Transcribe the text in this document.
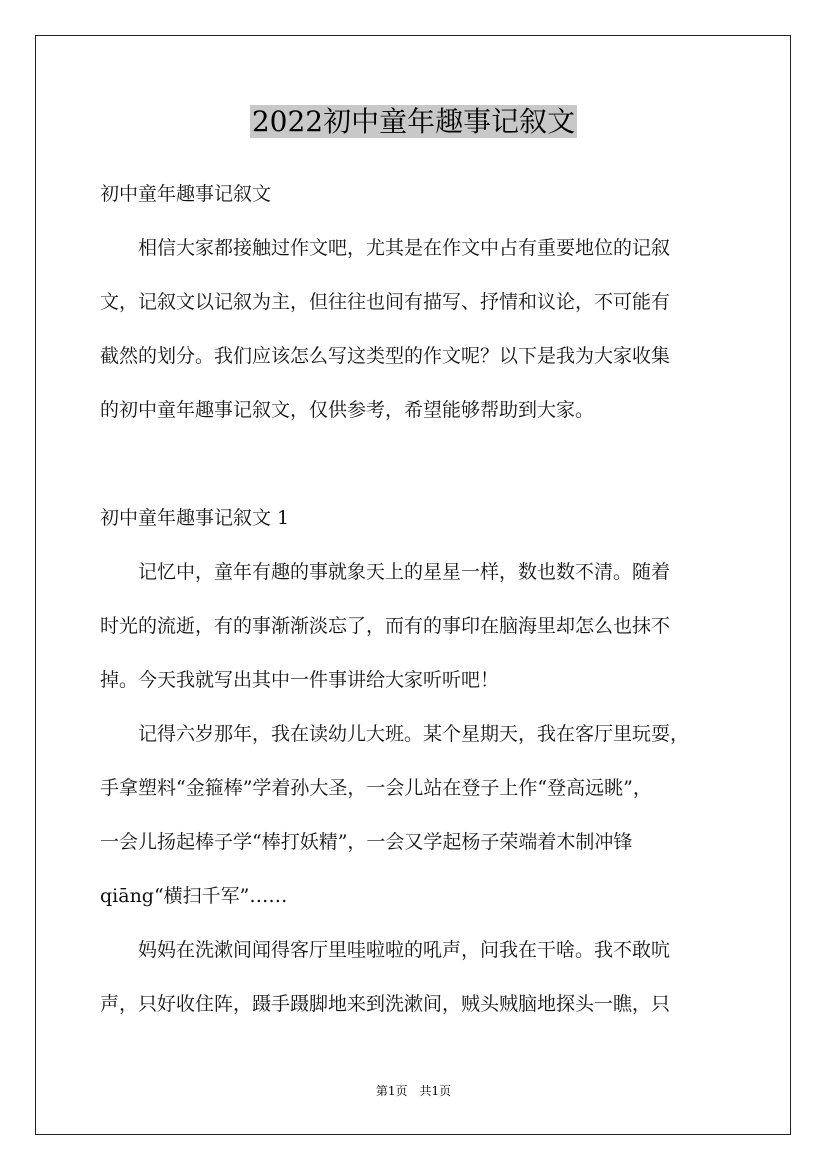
2022初中童年趣事记叙文
初中童年趣事记叙文
　　相信大家都接触过作文吧，尤其是在作文中占有重要地位的记叙
文，记叙文以记叙为主，但往往也间有描写、抒情和议论，不可能有
截然的划分。我们应该怎么写这类型的作文呢？以下是我为大家收集
的初中童年趣事记叙文，仅供参考，希望能够帮助到大家。
初中童年趣事记叙文 1
　　记忆中，童年有趣的事就象天上的星星一样，数也数不清。随着
时光的流逝，有的事渐渐淡忘了，而有的事印在脑海里却怎么也抹不
掉。今天我就写出其中一件事讲给大家听听吧！
　　记得六岁那年，我在读幼儿大班。某个星期天，我在客厅里玩耍，
手拿塑料“金箍棒”学着孙大圣，一会儿站在登子上作“登高远眺”，
一会儿扬起棒子学“棒打妖精”，一会又学起杨子荣端着木制冲锋
qiāng“横扫千军”……
　　妈妈在洗漱间闻得客厅里哇啦啦的吼声，问我在干啥。我不敢吭
声，只好收住阵，蹑手蹑脚地来到洗漱间，贼头贼脑地探头一瞧，只
第1页　共1页
